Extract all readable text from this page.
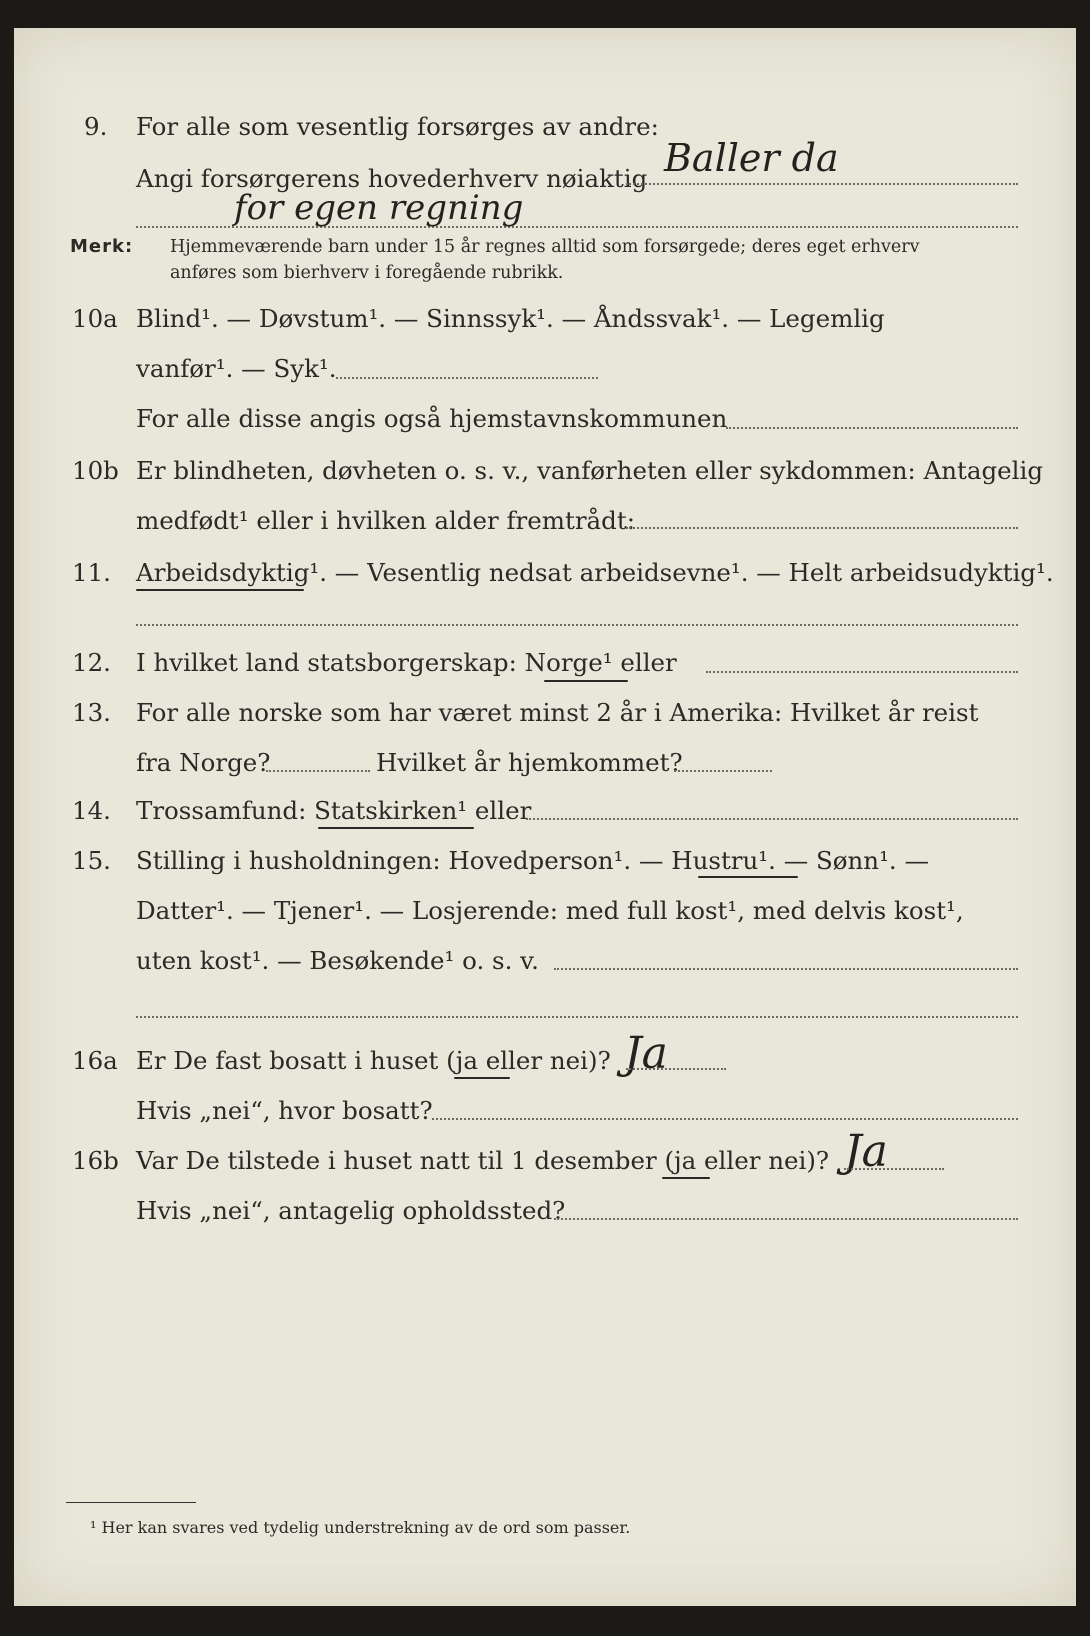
9. For alle som vesentlig forsørges av andre:
Angi forsørgerens hovederhverv nøiaktig Baller da
for egen regning
Merk: Hjemmeværende barn under 15 år regnes alltid som forsørgede; deres eget erhverv
anføres som bierhverv i foregående rubrikk.
10a Blind¹. — Døvstum¹. — Sinnssyk¹. — Åndssvak¹. — Legemlig
vanfør¹. — Syk¹.
For alle disse angis også hjemstavnskommunen
10b Er blindheten, døvheten o. s. v., vanførheten eller sykdommen: Antagelig
medfødt¹ eller i hvilken alder fremtrådt:
11. Arbeidsdyktig¹. — Vesentlig nedsat arbeidsevne¹. — Helt arbeidsudyktig¹.
12. I hvilket land statsborgerskap: Norge¹ eller
13. For alle norske som har været minst 2 år i Amerika: Hvilket år reist
fra Norge?	Hvilket år hjemkommet?
14. Trossamfund: Statskirken¹ eller
15. Stilling i husholdningen: Hovedperson¹. — Hustru¹. — Sønn¹. —
Datter¹. — Tjener¹. — Losjerende: med full kost¹, med delvis kost¹,
uten kost¹. — Besøkende¹ o. s. v.
16a Er De fast bosatt i huset (ja eller nei)? Ja
Hvis „nei“, hvor bosatt?
16b Var De tilstede i huset natt til 1 desember (ja eller nei)? Ja
Hvis „nei“, antagelig opholdssted?
¹ Her kan svares ved tydelig understrekning av de ord som passer.
